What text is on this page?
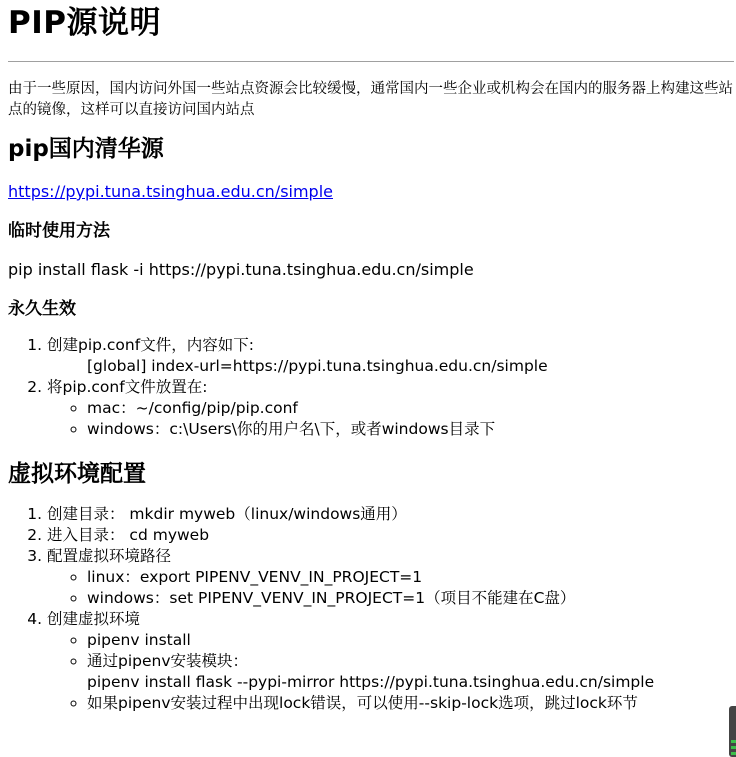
PIP源说明

由于一些原因，国内访问外国一些站点资源会比较缓慢，通常国内一些企业或机构会在国内的服务器上构建这些站点的镜像，这样可以直接访问国内站点

pip国内清华源
https://pypi.tuna.tsinghua.edu.cn/simple
临时使用方法

pip install flask -i https://pypi.tuna.tsinghua.edu.cn/simple

永久生效
1. 创建pip.conf文件，内容如下:
[global] index-url=https://pypi.tuna.tsinghua.edu.cn/simple
2. 将pip.conf文件放置在:
◦ mac：~/config/pip/pip.conf
◦ windows：c:\Users\你的用户名\下，或者windows目录下
虚拟环境配置
1. 创建目录： mkdir myweb（linux/windows通用）
2. 进入目录： cd myweb
3. 配置虚拟环境路径
◦ linux：export PIPENV_VENV_IN_PROJECT=1
◦ windows：set PIPENV_VENV_IN_PROJECT=1（项目不能建在C盘）
4. 创建虚拟环境
◦ pipenv install
◦ 通过pipenv安装模块：
pipenv install flask --pypi-mirror https://pypi.tuna.tsinghua.edu.cn/simple
◦ 如果pipenv安装过程中出现lock错误，可以使用--skip-lock选项，跳过lock环节
